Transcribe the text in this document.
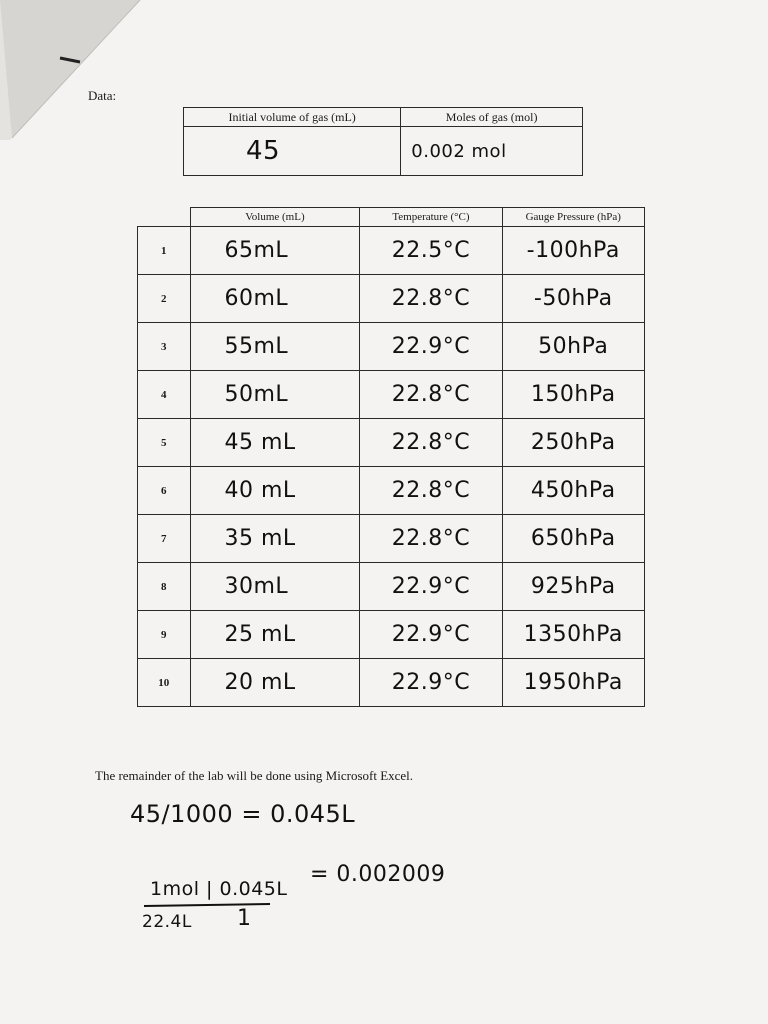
Data:
Initial volume of gas (mL)	Moles of gas (mol)
45	0.002 mol
	Volume (mL)	Temperature (°C)	Gauge Pressure (hPa)
1	65mL	22.5°C	-100hPa
2	60mL	22.8°C	-50hPa
3	55mL	22.9°C	50hPa
4	50mL	22.8°C	150hPa
5	45 mL	22.8°C	250hPa
6	40 mL	22.8°C	450hPa
7	35 mL	22.8°C	650hPa
8	30mL	22.9°C	925hPa
9	25 mL	22.9°C	1350hPa
10	20 mL	22.9°C	1950hPa
The remainder of the lab will be done using Microsoft Excel.
45/1000 = 0.045L
1mol | 0.045L
22.4L 1
= 0.002009
